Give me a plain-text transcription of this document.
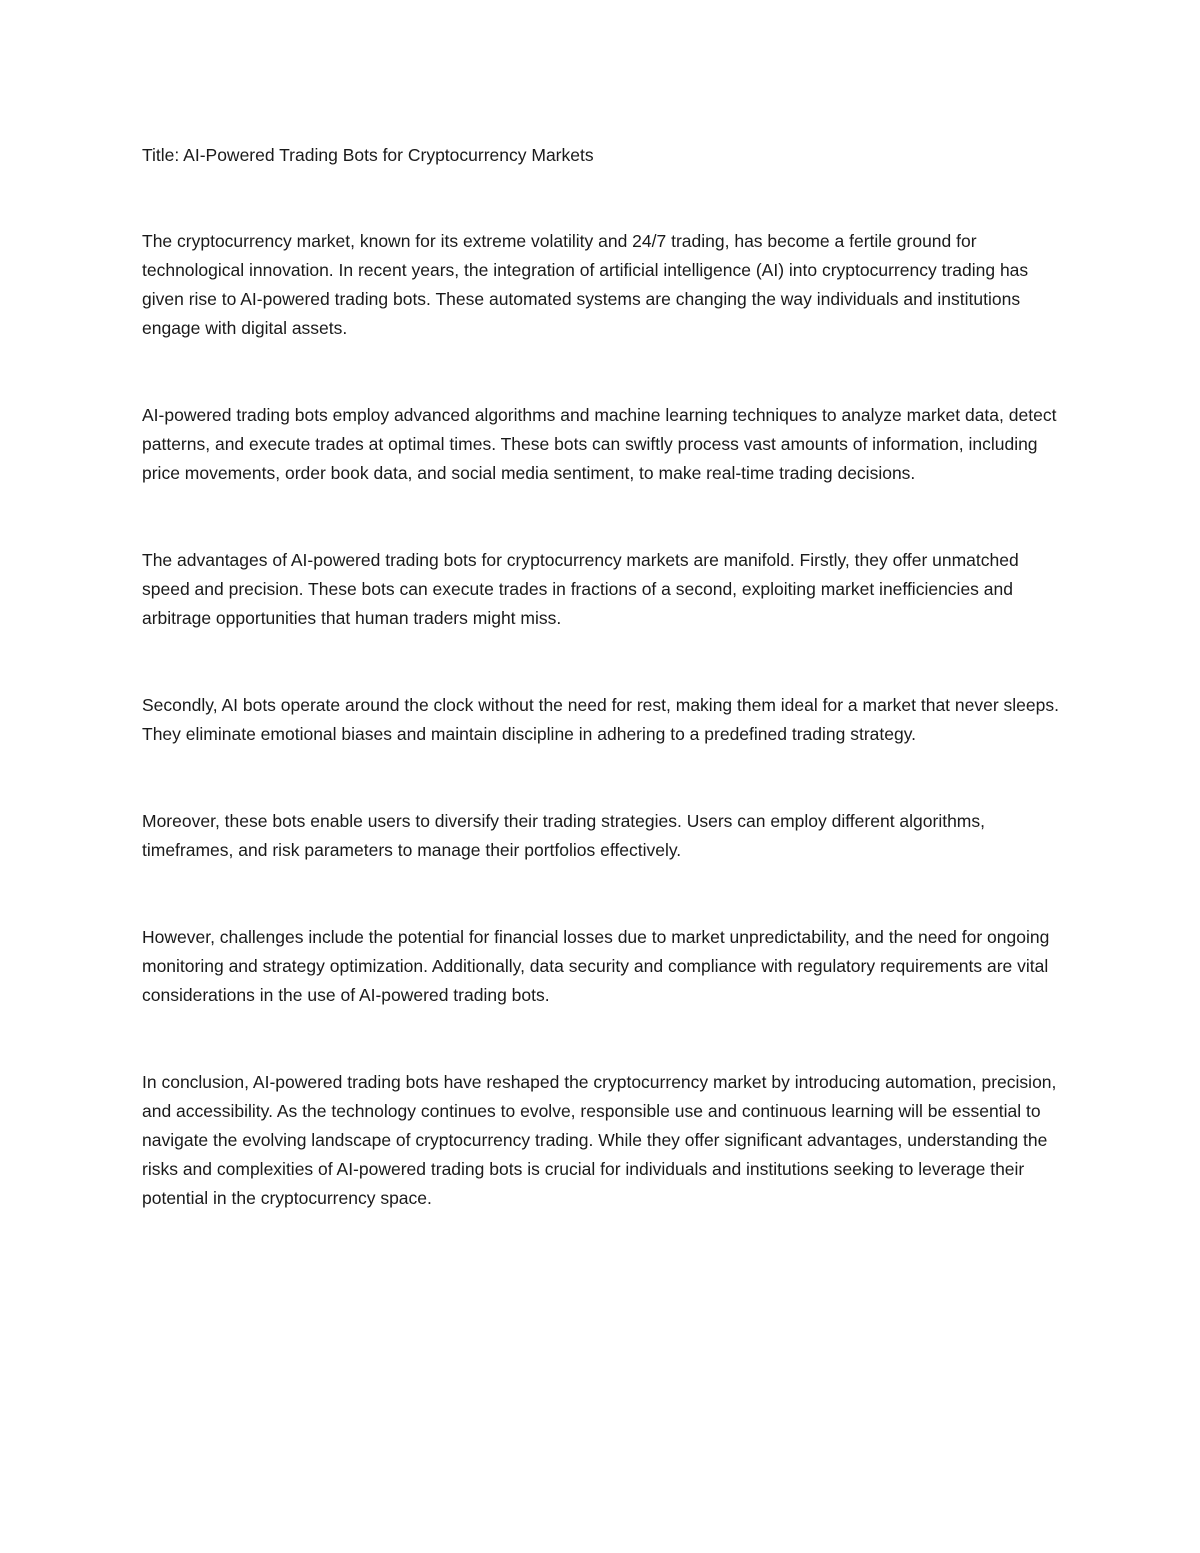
Title: AI-Powered Trading Bots for Cryptocurrency Markets

The cryptocurrency market, known for its extreme volatility and 24/7 trading, has become a fertile ground for technological innovation. In recent years, the integration of artificial intelligence (AI) into cryptocurrency trading has given rise to AI-powered trading bots. These automated systems are changing the way individuals and institutions engage with digital assets.

AI-powered trading bots employ advanced algorithms and machine learning techniques to analyze market data, detect patterns, and execute trades at optimal times. These bots can swiftly process vast amounts of information, including price movements, order book data, and social media sentiment, to make real-time trading decisions.

The advantages of AI-powered trading bots for cryptocurrency markets are manifold. Firstly, they offer unmatched speed and precision. These bots can execute trades in fractions of a second, exploiting market inefficiencies and arbitrage opportunities that human traders might miss.

Secondly, AI bots operate around the clock without the need for rest, making them ideal for a market that never sleeps. They eliminate emotional biases and maintain discipline in adhering to a predefined trading strategy.

Moreover, these bots enable users to diversify their trading strategies. Users can employ different algorithms, timeframes, and risk parameters to manage their portfolios effectively.

However, challenges include the potential for financial losses due to market unpredictability, and the need for ongoing monitoring and strategy optimization. Additionally, data security and compliance with regulatory requirements are vital considerations in the use of AI-powered trading bots.

In conclusion, AI-powered trading bots have reshaped the cryptocurrency market by introducing automation, precision, and accessibility. As the technology continues to evolve, responsible use and continuous learning will be essential to navigate the evolving landscape of cryptocurrency trading. While they offer significant advantages, understanding the risks and complexities of AI-powered trading bots is crucial for individuals and institutions seeking to leverage their potential in the cryptocurrency space.
